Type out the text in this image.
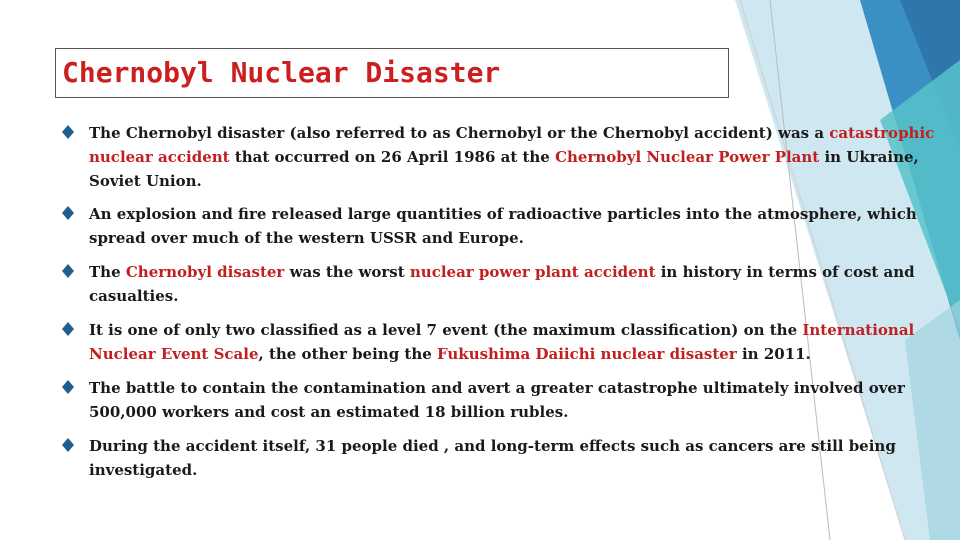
Chernobyl Nuclear Disaster

The Chernobyl disaster (also referred to as Chernobyl or the Chernobyl accident) was a catastrophic nuclear accident that occurred on 26 April 1986 at the Chernobyl Nuclear Power Plant in Ukraine, Soviet Union.

An explosion and fire released large quantities of radioactive particles into the atmosphere, which spread over much of the western USSR and Europe.

The Chernobyl disaster was the worst nuclear power plant accident in history in terms of cost and casualties.

It is one of only two classified as a level 7 event (the maximum classification) on the International Nuclear Event Scale, the other being the Fukushima Daiichi nuclear disaster in 2011.

The battle to contain the contamination and avert a greater catastrophe ultimately involved over 500,000 workers and cost an estimated 18 billion rubles.

During the accident itself, 31 people died , and long-term effects such as cancers are still being investigated.
